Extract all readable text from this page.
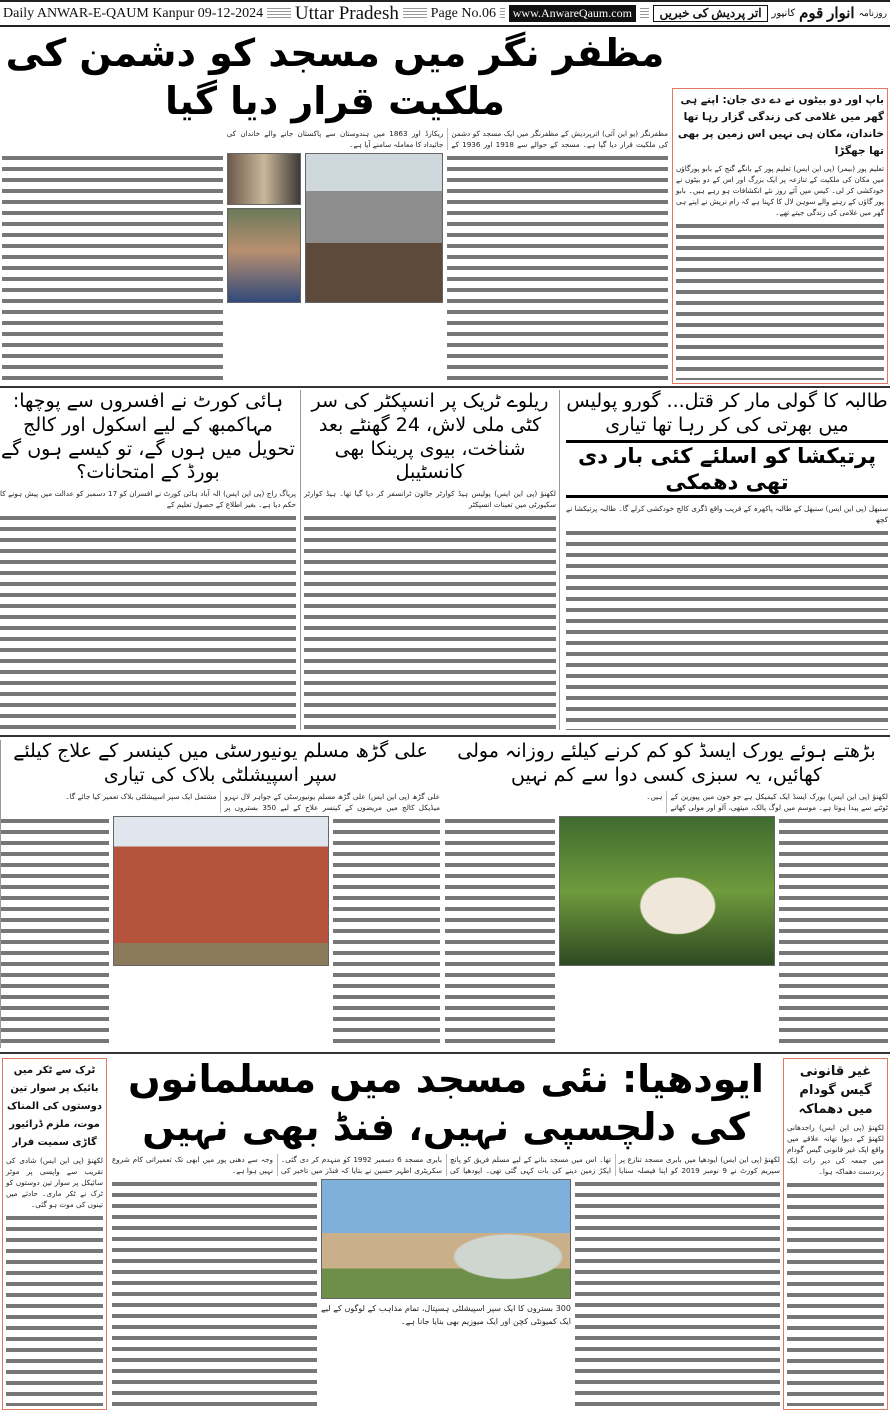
Daily ANWAR-E-QAUM Kanpur 09-12-2024 Uttar Pradesh Page No.06	www.AnwareQaum.com	اتر پردیش کی خبریں	کانپور انوار قوم روزنامہ
مظفر نگر میں مسجد کو دشمن کی ملکیت قرار دیا گیا

مظفرنگر (یو این آئی) اترپردیش کے مظفرنگر میں ایک مسجد کو دشمن کی ملکیت قرار دیا گیا ہے۔ مسجد کے حوالے سے 1918 اور 1936 کے ریکارڈ اور 1863 میں ہندوستان سے پاکستان جانے والے خاندان کی جائیداد کا معاملہ سامنے آیا ہے۔

باپ اور دو بیٹوں نے دے دی جان: اپنے ہی گھر میں غلامی کی زندگی گزار رہا تھا خاندان، مکان ہی نہیں اس زمین پر بھی تھا جھگڑا

تعلیم پور (بیمر) (پی این ایس) تعلیم پور کے بانگے گنج کے بابو پورگاؤں میں مکان کی ملکیت کے تنازعہ پر ایک بزرگ اور اس کے دو بیٹوں نے خودکشی کر لی۔ کیس میں آئے روز نئے انکشافات ہو رہے ہیں۔ بابو پور گاؤں کے رہنے والے سوہن لال کا کہنا ہے کہ رام نریش نے اپنے ہی گھر میں غلامی کی زندگی جیتے تھے۔

طالبہ کا گولی مار کر قتل... گورو پولیس میں بھرتی کی کر رہا تھا تیاری
پرتیکشا کو اسلئے کئی بار دی تھی دھمکی

سنبھل (پی این ایس) سنبھل کے طالبہ پاکھرہ کے قریب واقع ڈگری کالج خودکشی کرلے گا۔ طالبہ پرتیکشا نے کچھ

ریلوے ٹریک پر انسپکٹر کی سر کٹی ملی لاش، 24 گھنٹے بعد شناخت، بیوی پرینکا بھی کانسٹیبل

لکھنؤ (پی این ایس) پولیس ہیڈ کوارٹر جالون ٹرانسفر کر دیا گیا تھا۔ ہیڈ کوارٹر سکیورٹی میں تعینات انسپکٹر

ہائی کورٹ نے افسروں سے پوچھا: مہاکمبھ کے لیے اسکول اور کالج تحویل میں ہوں گے، تو کیسے ہوں گے بورڈ کے امتحانات؟

پریاگ راج (پی این ایس) الہ آباد ہائی کورٹ نے افسران کو 17 دسمبر کو عدالت میں پیش ہونے کا حکم دیا ہے۔ بغیر اطلاع کے حصول تعلیم کے

بڑھتے ہوئے یورک ایسڈ کو کم کرنے کیلئے روزانہ مولی کھائیں، یہ سبزی کسی دوا سے کم نہیں

لکھنؤ (پی این ایس) یورک ایسڈ ایک کیمیکل ہے جو خون میں پیورین کے ٹوٹنے سے پیدا ہوتا ہے۔ موسم میں لوگ پالک، میتھی، آلو اور مولی کھاتے ہیں۔

علی گڑھ مسلم یونیورسٹی میں کینسر کے علاج کیلئے سپر اسپیشلٹی بلاک کی تیاری

علی گڑھ (پی این ایس) علی گڑھ مسلم یونیورسٹی کے جواہر لال نہرو میڈیکل کالج میں مریضوں کے کینسر علاج کے لیے 350 بستروں پر مشتمل ایک سپر اسپیشلٹی بلاک تعمیر کیا جائے گا۔

ٹرک سے ٹکر میں بائیک پر سوار تین دوستوں کی المناک موت، ملزم ڈرائیور گاڑی سمیت فرار

لکھنؤ (پی این ایس) شادی کی تقریب سے واپسی پر موٹر سائیکل پر سوار تین دوستوں کو ٹرک نے ٹکر ماری۔ حادثے میں تینوں کی موت ہو گئی۔

ایودھیا: نئی مسجد میں مسلمانوں کی دلچسپی نہیں، فنڈ بھی نہیں

لکھنؤ (پی این ایس) ایودھیا میں بابری مسجد تنازع پر سپریم کورٹ نے 9 نومبر 2019 کو اپنا فیصلہ سنایا تھا۔ اس میں مسجد بنانے کے لیے مسلم فریق کو پانچ ایکڑ زمین دینے کی بات کہی گئی تھی۔ ایودھیا کی بابری مسجد 6 دسمبر 1992 کو منہدم کر دی گئی۔ سکریٹری اطہر حسین نے بتایا کہ فنڈز میں تاخیر کی وجہ سے دھنی پور میں ابھی تک تعمیراتی کام شروع نہیں ہوا ہے۔

300 بستروں کا ایک سپر اسپیشلٹی ہسپتال، تمام مذاہب کے لوگوں کے لیے ایک کمیونٹی کچن اور ایک میوزیم بھی بنایا جانا ہے۔

غیر قانونی گیس گودام میں دھماکہ

لکھنؤ (پی این ایس) راجدھانی لکھنؤ کے دیوا تھانہ علاقے میں واقع ایک غیر قانونی گیس گودام میں جمعہ کی دیر رات ایک زبردست دھماکہ ہوا۔
